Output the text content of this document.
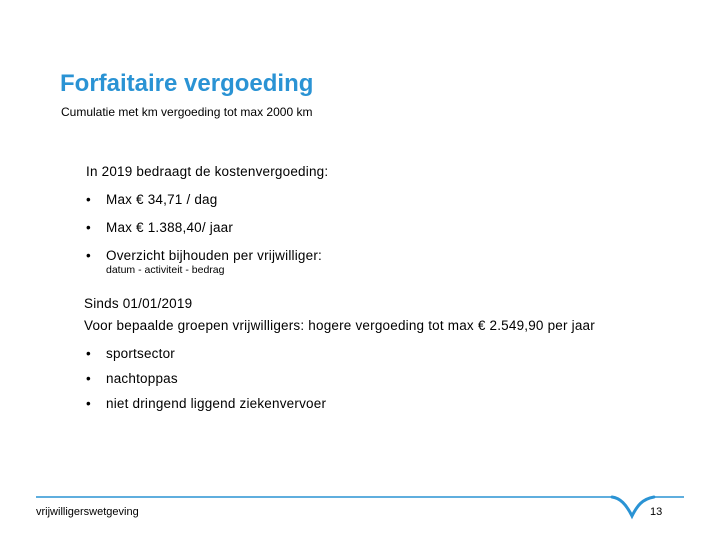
Forfaitaire vergoeding
Cumulatie met km vergoeding tot max 2000 km
In 2019 bedraagt de kostenvergoeding:
• Max € 34,71 / dag
• Max € 1.388,40/ jaar
• Overzicht bijhouden per vrijwilliger:
datum - activiteit - bedrag
Sinds 01/01/2019
Voor bepaalde groepen vrijwilligers: hogere vergoeding tot max € 2.549,90 per jaar
• sportsector
• nachtoppas
• niet dringend liggend ziekenvervoer
vrijwilligerswetgeving	13
